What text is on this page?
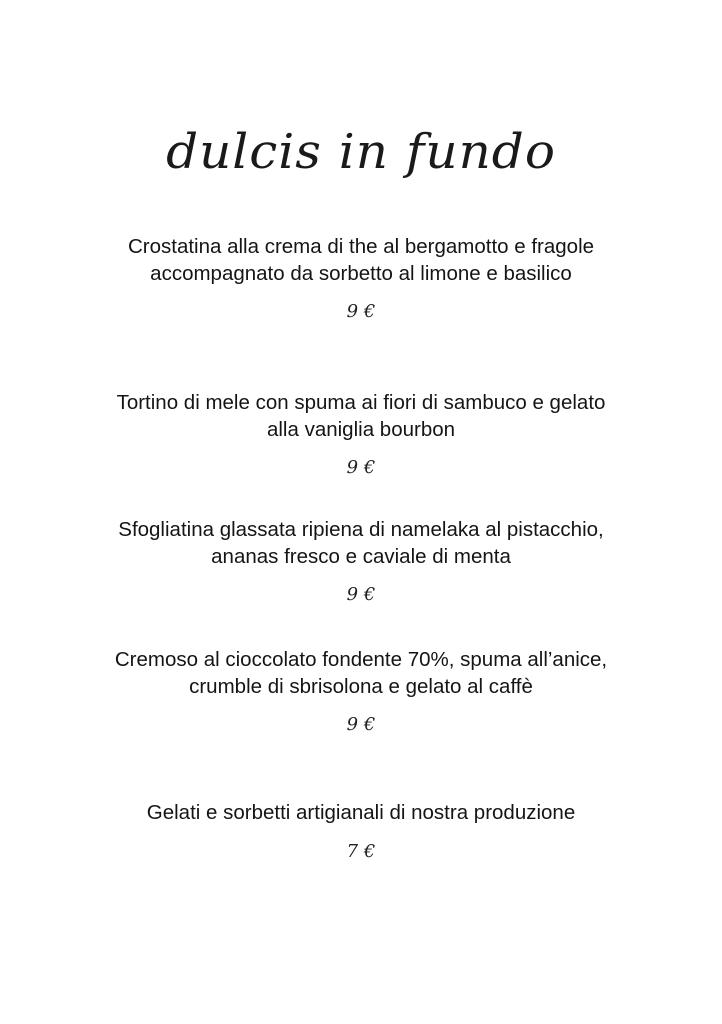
dulcis in fundo

Crostatina alla crema di the al bergamotto e fragole accompagnato da sorbetto al limone e basilico

9 €

Tortino di mele con spuma ai fiori di sambuco e gelato alla vaniglia bourbon

9 €

Sfogliatina glassata ripiena di namelaka al pistacchio, ananas fresco e caviale di menta

9 €

Cremoso al cioccolato fondente 70%, spuma all’anice, crumble di sbrisolona e gelato al caffè

9 €

Gelati e sorbetti artigianali di nostra produzione

7 €
